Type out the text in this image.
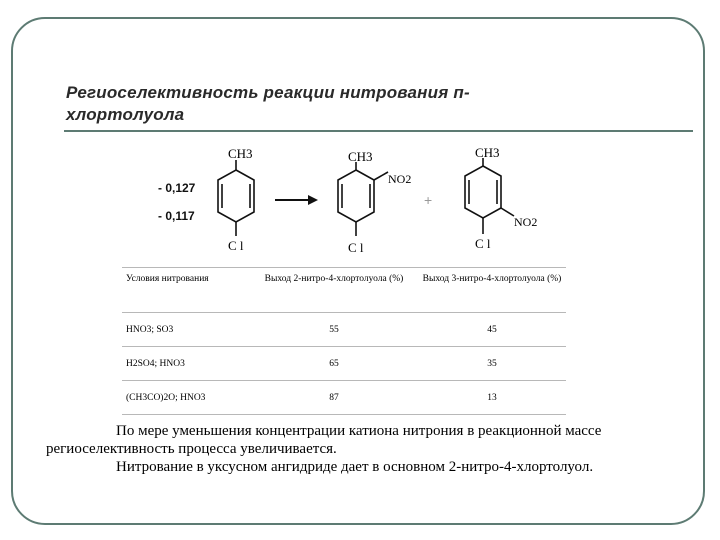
Региоселективность реакции нитрования п-хлортолуола
CH3
C l
- 0,127
- 0,117
CH3
NO2
C l
+
CH3
NO2
C l
Условия нитрования	Выход 2-нитро-4-хлортолуола (%)	Выход 3-нитро-4-хлортолуола (%)
HNO3; SO3	55	45
H2SO4; HNO3	65	35
(CH3CO)2O; HNO3	87	13

По мере уменьшения концентрации катиона нитрония в реакционной массе региоселективность процесса увеличивается.

Нитрование в уксусном ангидриде дает в основном 2-нитро-4-хлортолуол.
